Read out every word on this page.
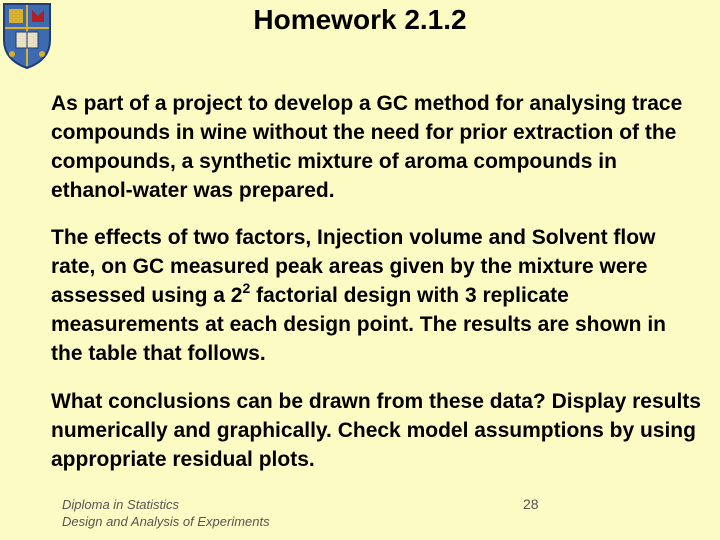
Homework 2.1.2

As part of a project to develop a GC method for analysing trace compounds in wine without the need for prior extraction of the compounds, a synthetic mixture of aroma compounds in ethanol-water was prepared.

The effects of two factors, Injection volume and Solvent flow rate, on GC measured peak areas given by the mixture were assessed using a $2^2$ factorial design with 3 replicate measurements at each design point. The results are shown in the table that follows.

What conclusions can be drawn from these data? Display results numerically and graphically. Check model assumptions by using appropriate residual plots.

Diploma in Statistics
Design and Analysis of Experiments
28
